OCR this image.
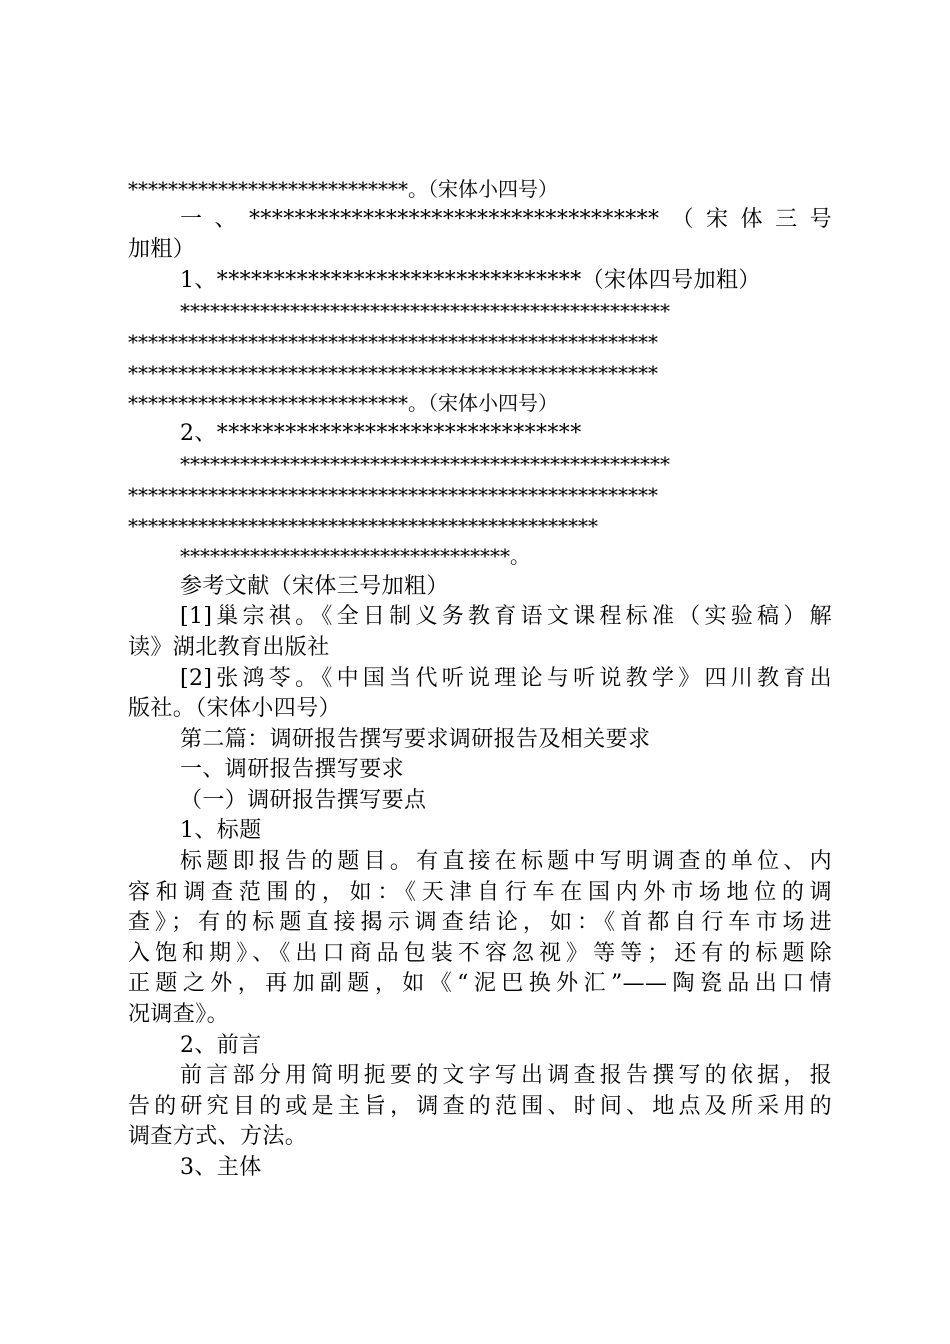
****************************。（宋体小四号）
一、************************************（宋体三号
加粗）
1、********************************（宋体四号加粗）
*************************************************
*****************************************************
*****************************************************
****************************。（宋体小四号）
2、********************************
*************************************************
*****************************************************
***********************************************
*********************************。
参考文献（宋体三号加粗）
[1]巢宗祺。《全日制义务教育语文课程标准（实验稿）解
读》湖北教育出版社
[2]张鸿苓。《中国当代听说理论与听说教学》四川教育出
版社。（宋体小四号）
第二篇：调研报告撰写要求调研报告及相关要求
一、调研报告撰写要求
（一）调研报告撰写要点
1、标题
标题即报告的题目。有直接在标题中写明调查的单位、内
容和调查范围的，如：《天津自行车在国内外市场地位的调
查》；有的标题直接揭示调查结论，如：《首都自行车市场进
入饱和期》、《出口商品包装不容忽视》等等；还有的标题除
正题之外，再加副题，如《“泥巴换外汇”——陶瓷品出口情
况调查》。
2、前言
前言部分用简明扼要的文字写出调查报告撰写的依据，报
告的研究目的或是主旨，调查的范围、时间、地点及所采用的
调查方式、方法。
3、主体
